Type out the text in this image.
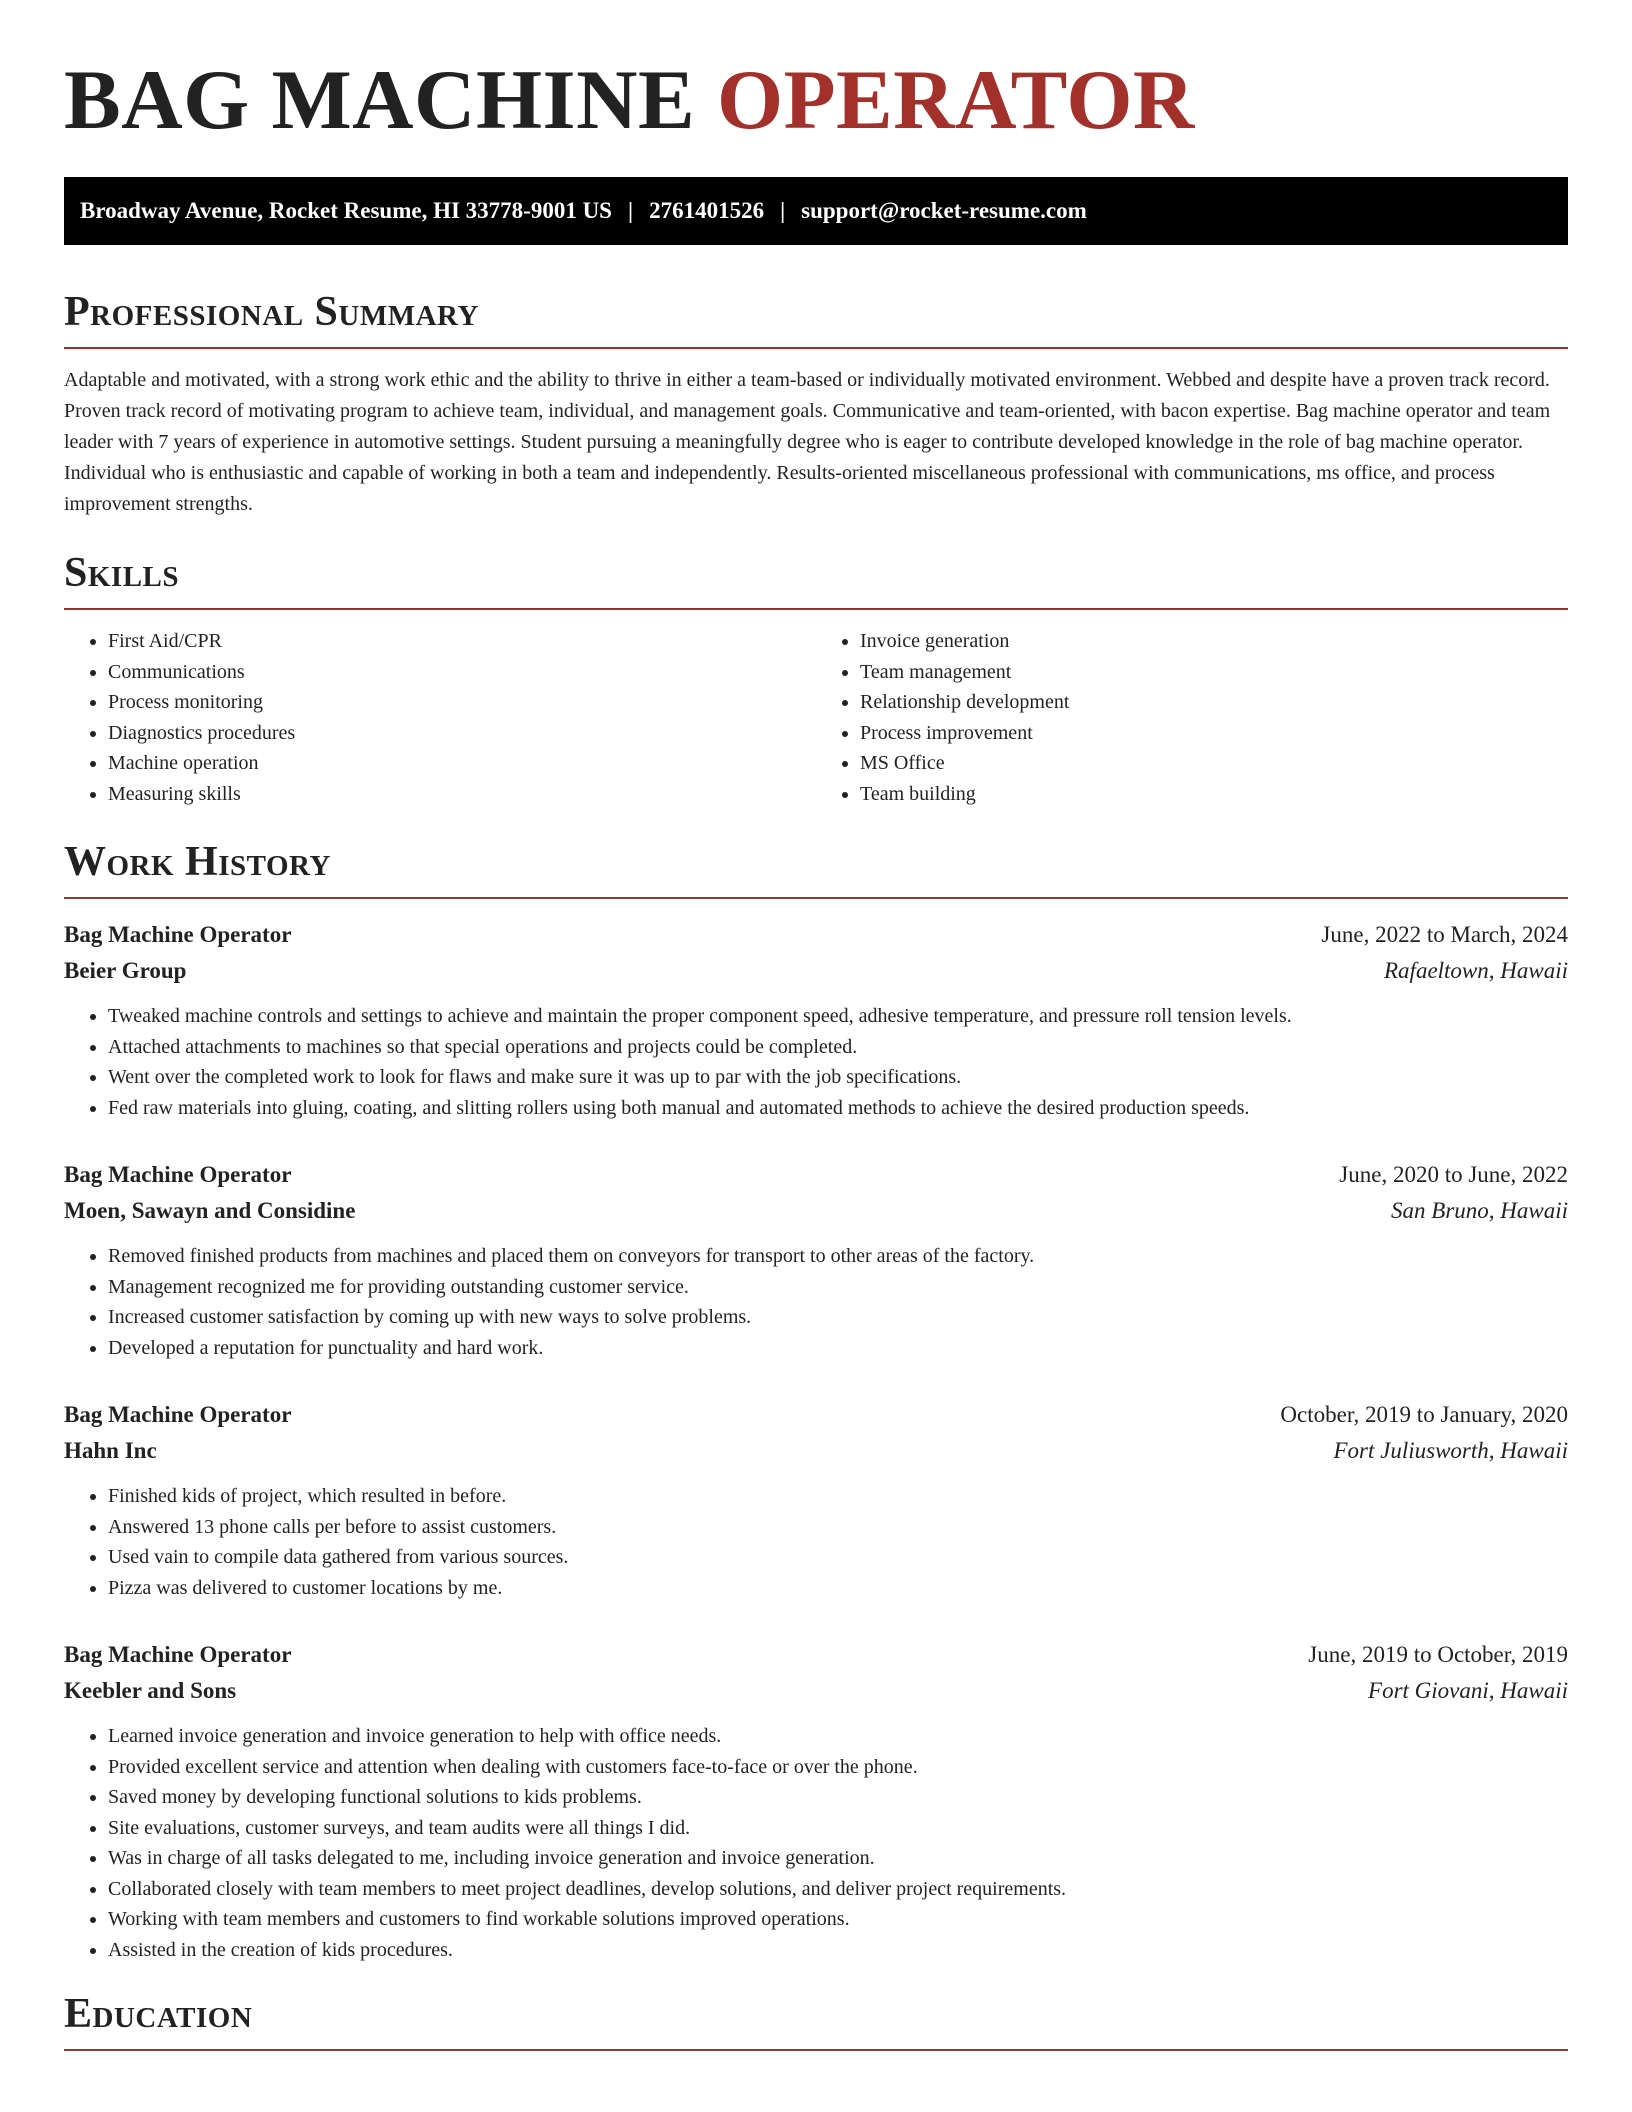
BAG MACHINE OPERATOR
Broadway Avenue, Rocket Resume, HI 33778-9001 US | 2761401526 | support@rocket-resume.com
Professional Summary

Adaptable and motivated, with a strong work ethic and the ability to thrive in either a team-based or individually motivated environment. Webbed and despite have a proven track record. Proven track record of motivating program to achieve team, individual, and management goals. Communicative and team-oriented, with bacon expertise. Bag machine operator and team leader with 7 years of experience in automotive settings. Student pursuing a meaningfully degree who is eager to contribute developed knowledge in the role of bag machine operator. Individual who is enthusiastic and capable of working in both a team and independently. Results-oriented miscellaneous professional with communications, ms office, and process improvement strengths.

Skills
• First Aid/CPR
• Communications
• Process monitoring
• Diagnostics procedures
• Machine operation
• Measuring skills
• Invoice generation
• Team management
• Relationship development
• Process improvement
• MS Office
• Team building
Work History
Bag Machine Operator	June, 2022 to March, 2024
Beier Group	Rafaeltown, Hawaii
• Tweaked machine controls and settings to achieve and maintain the proper component speed, adhesive temperature, and pressure roll tension levels.
• Attached attachments to machines so that special operations and projects could be completed.
• Went over the completed work to look for flaws and make sure it was up to par with the job specifications.
• Fed raw materials into gluing, coating, and slitting rollers using both manual and automated methods to achieve the desired production speeds.
Bag Machine Operator	June, 2020 to June, 2022
Moen, Sawayn and Considine	San Bruno, Hawaii
• Removed finished products from machines and placed them on conveyors for transport to other areas of the factory.
• Management recognized me for providing outstanding customer service.
• Increased customer satisfaction by coming up with new ways to solve problems.
• Developed a reputation for punctuality and hard work.
Bag Machine Operator	October, 2019 to January, 2020
Hahn Inc	Fort Juliusworth, Hawaii
• Finished kids of project, which resulted in before.
• Answered 13 phone calls per before to assist customers.
• Used vain to compile data gathered from various sources.
• Pizza was delivered to customer locations by me.
Bag Machine Operator	June, 2019 to October, 2019
Keebler and Sons	Fort Giovani, Hawaii
• Learned invoice generation and invoice generation to help with office needs.
• Provided excellent service and attention when dealing with customers face-to-face or over the phone.
• Saved money by developing functional solutions to kids problems.
• Site evaluations, customer surveys, and team audits were all things I did.
• Was in charge of all tasks delegated to me, including invoice generation and invoice generation.
• Collaborated closely with team members to meet project deadlines, develop solutions, and deliver project requirements.
• Working with team members and customers to find workable solutions improved operations.
• Assisted in the creation of kids procedures.
Education
